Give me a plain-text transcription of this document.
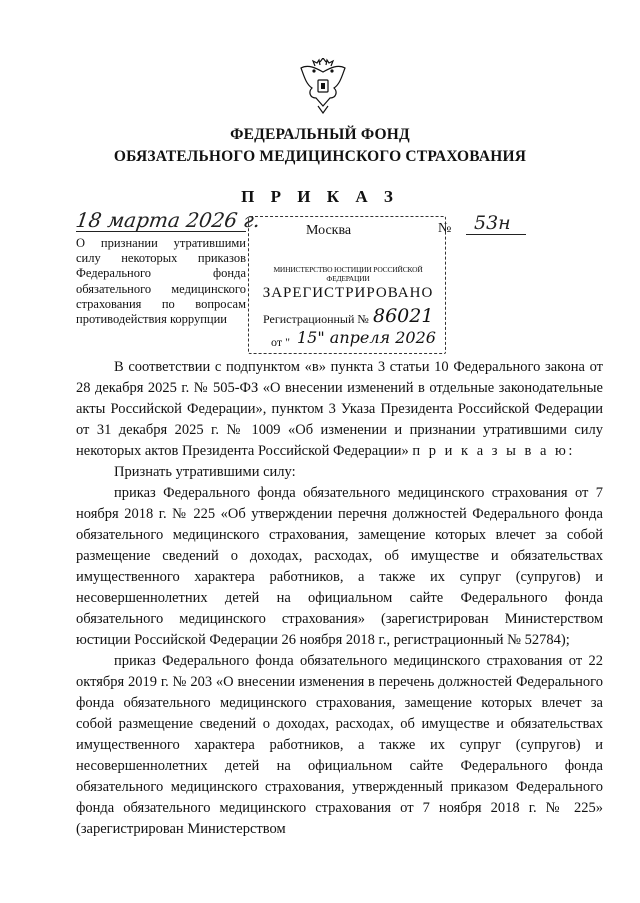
ФЕДЕРАЛЬНЫЙ ФОНД
ОБЯЗАТЕЛЬНОГО МЕДИЦИНСКОГО СТРАХОВАНИЯ
П Р И К А З
18 марта 2026 г.	Москва	№ 53н
О признании утратившими силу некоторых приказов Федерального фонда обязательного медицинского страхования по вопросам противодействия коррупции
МИНИСТЕРСТВО ЮСТИЦИИ РОССИЙСКОЙ ФЕДЕРАЦИИ
ЗАРЕГИСТРИРОВАНО
Регистрационный № 86021
от " 15" апреля 2026

В соответствии с подпунктом «в» пункта 3 статьи 10 Федерального закона от 28 декабря 2025 г. № 505-ФЗ «О внесении изменений в отдельные законодательные акты Российской Федерации», пунктом 3 Указа Президента Российской Федерации от 31 декабря 2025 г. № 1009 «Об изменении и признании утратившими силу некоторых актов Президента Российской Федерации» п р и к а з ы в а ю:

Признать утратившими силу:

приказ Федерального фонда обязательного медицинского страхования от 7 ноября 2018 г. № 225 «Об утверждении перечня должностей Федерального фонда обязательного медицинского страхования, замещение которых влечет за собой размещение сведений о доходах, расходах, об имуществе и обязательствах имущественного характера работников, а также их супруг (супругов) и несовершеннолетних детей на официальном сайте Федерального фонда обязательного медицинского страхования» (зарегистрирован Министерством юстиции Российской Федерации 26 ноября 2018 г., регистрационный № 52784);

приказ Федерального фонда обязательного медицинского страхования от 22 октября 2019 г. № 203 «О внесении изменения в перечень должностей Федерального фонда обязательного медицинского страхования, замещение которых влечет за собой размещение сведений о доходах, расходах, об имуществе и обязательствах имущественного характера работников, а также их супруг (супругов) и несовершеннолетних детей на официальном сайте Федерального фонда обязательного медицинского страхования, утвержденный приказом Федерального фонда обязательного медицинского страхования от 7 ноября 2018 г. № 225» (зарегистрирован Министерством
